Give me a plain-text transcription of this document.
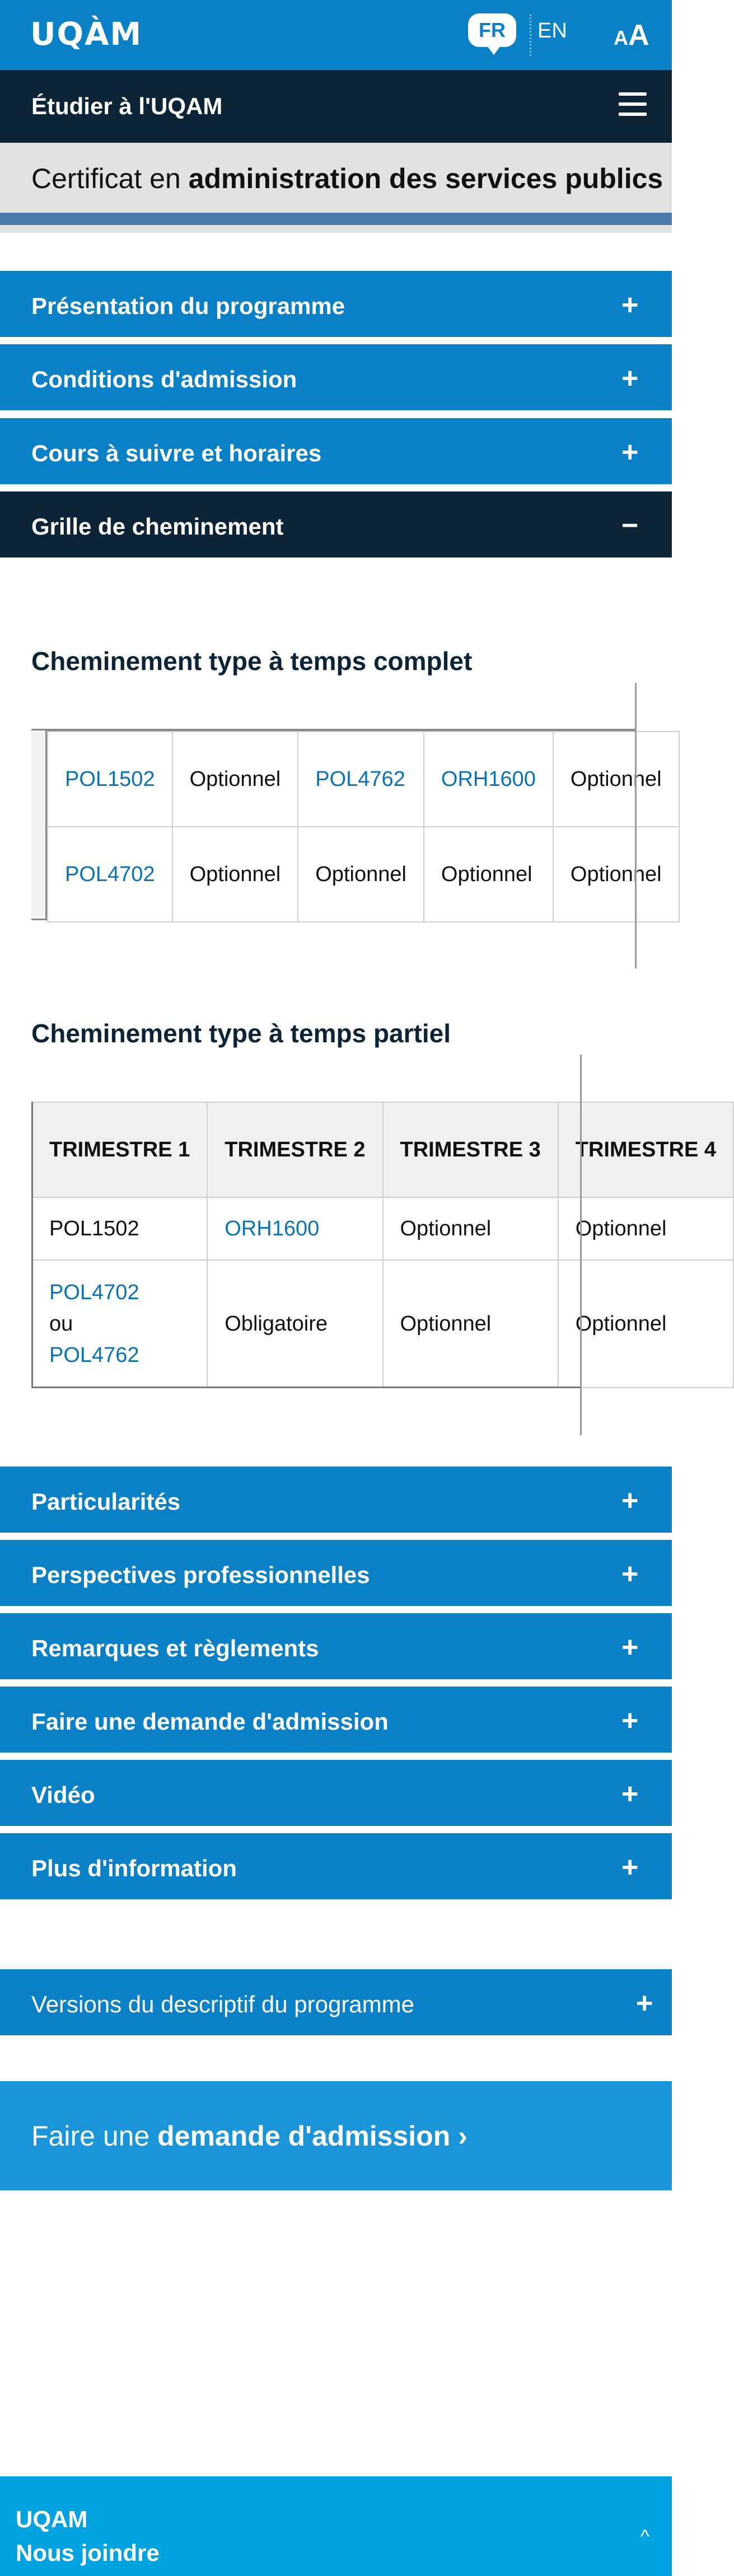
UQÀM	FR	EN AA
Étudier à l'UQAM
Certificat en administration des services publics
Présentation du programme	+
Conditions d'admission	+
Cours à suivre et horaires	+
Grille de cheminement	−
Cheminement type à temps complet
POL1502	Optionnel	POL4762	ORH1600	Optionnel
POL4702	Optionnel	Optionnel	Optionnel	Optionnel
Cheminement type à temps partiel
TRIMESTRE 1	TRIMESTRE 2	TRIMESTRE 3	TRIMESTRE 4
POL1502	ORH1600	Optionnel	Optionnel
POL4702
ou
POL4762	Obligatoire	Optionnel	Optionnel
Particularités	+
Perspectives professionnelles	+
Remarques et règlements	+
Faire une demande d'admission	+
Vidéo	+
Plus d'information	+
Versions du descriptif du programme	+
Faire une demande d'admission ›
UQAM
Nous joindre
^
